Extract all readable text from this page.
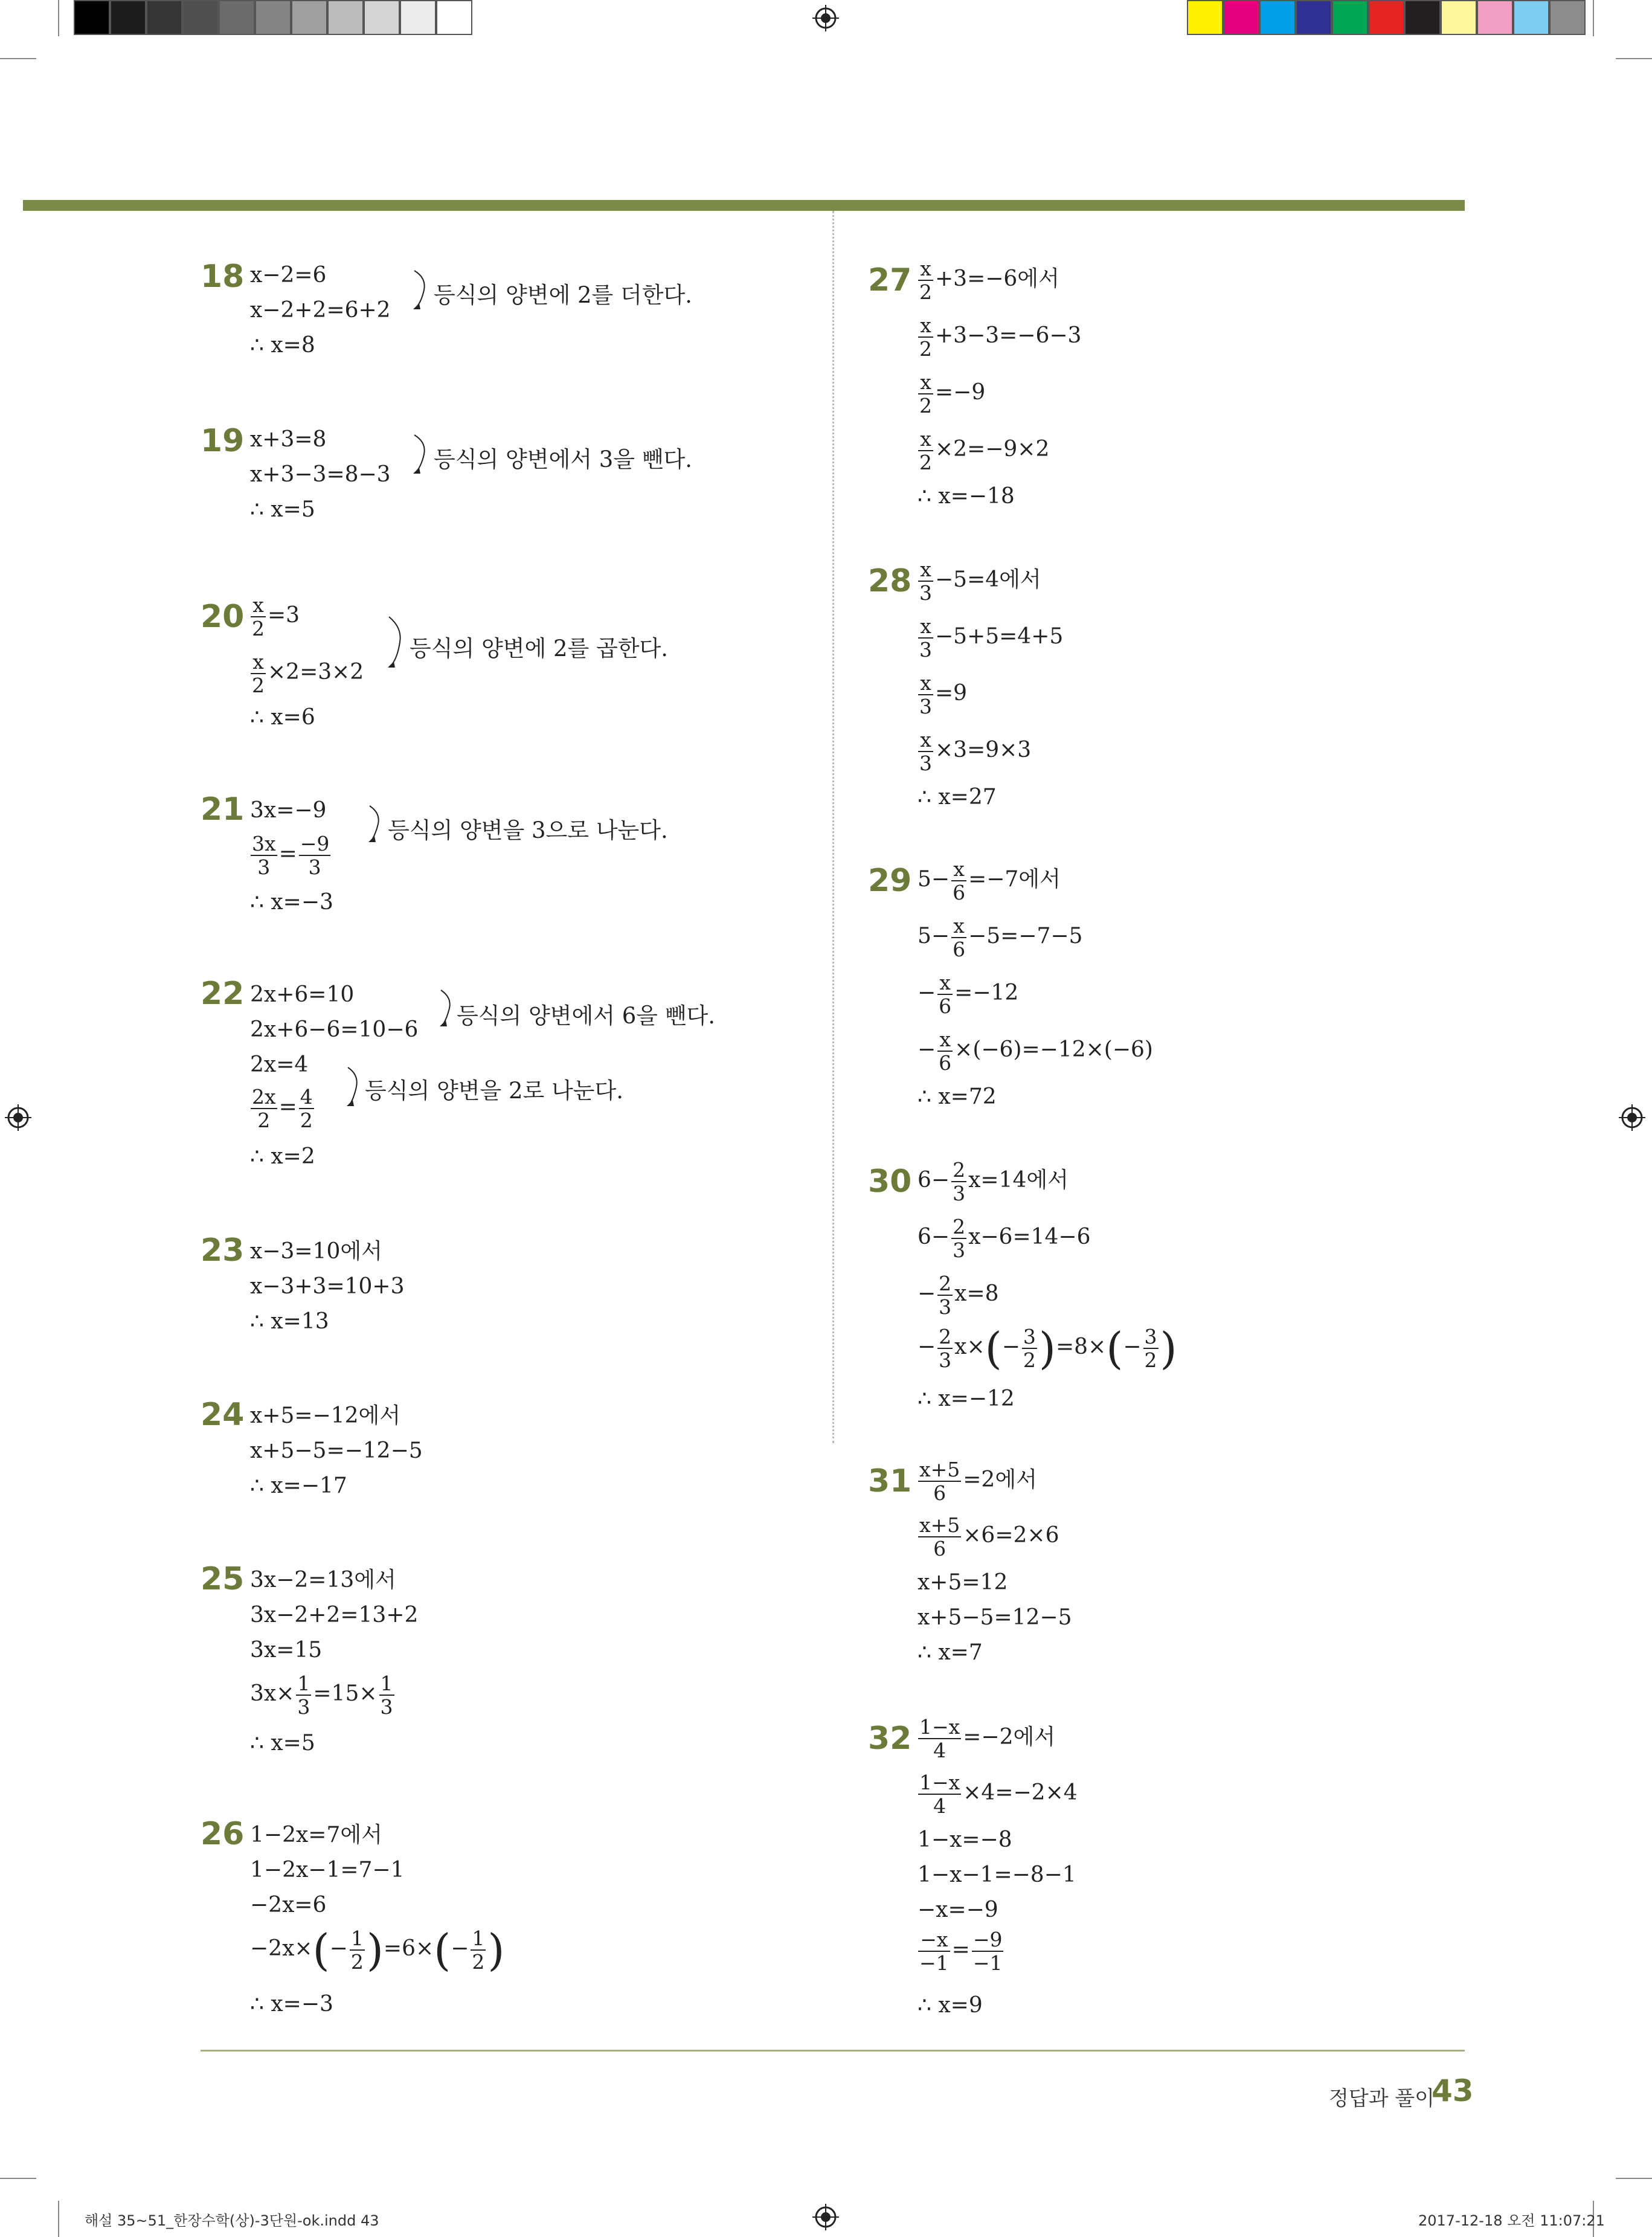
18 x−2=6
x−2+2=6+2
∴ x=8
등식의 양변에 2를 더한다.
19 x+3=8
x+3−3=8−3
∴ x=5
등식의 양변에서 3을 뺀다.
$20 \frac{x}{2} =3$
$\frac{x}{2} \times 2=3\times 2$
∴ x=6
등식의 양변에 2를 곱한다.
21 3x=−9
$\frac{3x}{3} = \frac{-9}{3}$
∴ x=−3
등식의 양변을 3으로 나눈다.
22 2x+6=10
2x+6−6=10−6
2x=4
$\frac{2x}{2} = \frac{4}{2}$
∴ x=2
등식의 양변에서 6을 뺀다.
등식의 양변을 2로 나눈다.
23 x−3=10에서
x−3+3=10+3
∴ x=13
24 x+5=−12에서
x+5−5=−12−5
∴ x=−17
25 3x−2=13에서
3x−2+2=13+2
3x=15
$3x\times \frac{1}{3} =15\times \frac{1}{3}$
∴ x=5
26 1−2x=7에서
1−2x−1=7−1
−2x=6
$-2x\times(- \frac{1}{2} )=6\times(- \frac{1}{2}$ )
∴ x=−3
$27 \frac{x}{2} +3=-6$에서
$\frac{x}{2} +3-3=-6-3$
$\frac{x}{2} =-9$
$\frac{x}{2} \times 2=-9\times 2$
∴ x=−18
$28 \frac{x}{3} -5=4$에서
$\frac{x}{3} -5+5=4+5$
$\frac{x}{3} =9$
$\frac{x}{3} \times 3=9\times 3$
∴ x=27
29 $5- \frac{x}{6} =-7$에서
$5- \frac{x}{6} -5=-7-5$
− $\frac{x}{6} =-12$
− $\frac{x}{6} \times(-6)=-12\times(-6)$
∴ x=72
30 $6- \frac{2}{3} x=14$에서
$6- \frac{2}{3} x-6=14-6$
− $\frac{2}{3} x=8$
− $\frac{2}{3} x\times(- \frac{3}{2} )=8\times(- \frac{3}{2}$ )
∴ x=−12
$31 \frac{x+5}{6} =2$에서
$\frac{x+5}{6} \times 6=2\times 6$
x+5=12
x+5−5=12−5
∴ x=7
$32 \frac{1-x}{4} =-2$에서
$\frac{1-x}{4} \times 4=-2\times 4$
1−x=−8
1−x−1=−8−1
−x=−9
$\frac{-x}{-1} = \frac{-9}{-1}$
∴ x=9
정답과 풀이
43
해설 35~51_한장수학(상)-3단원-ok.indd 43	2017-12-18 오전 11:07:21
